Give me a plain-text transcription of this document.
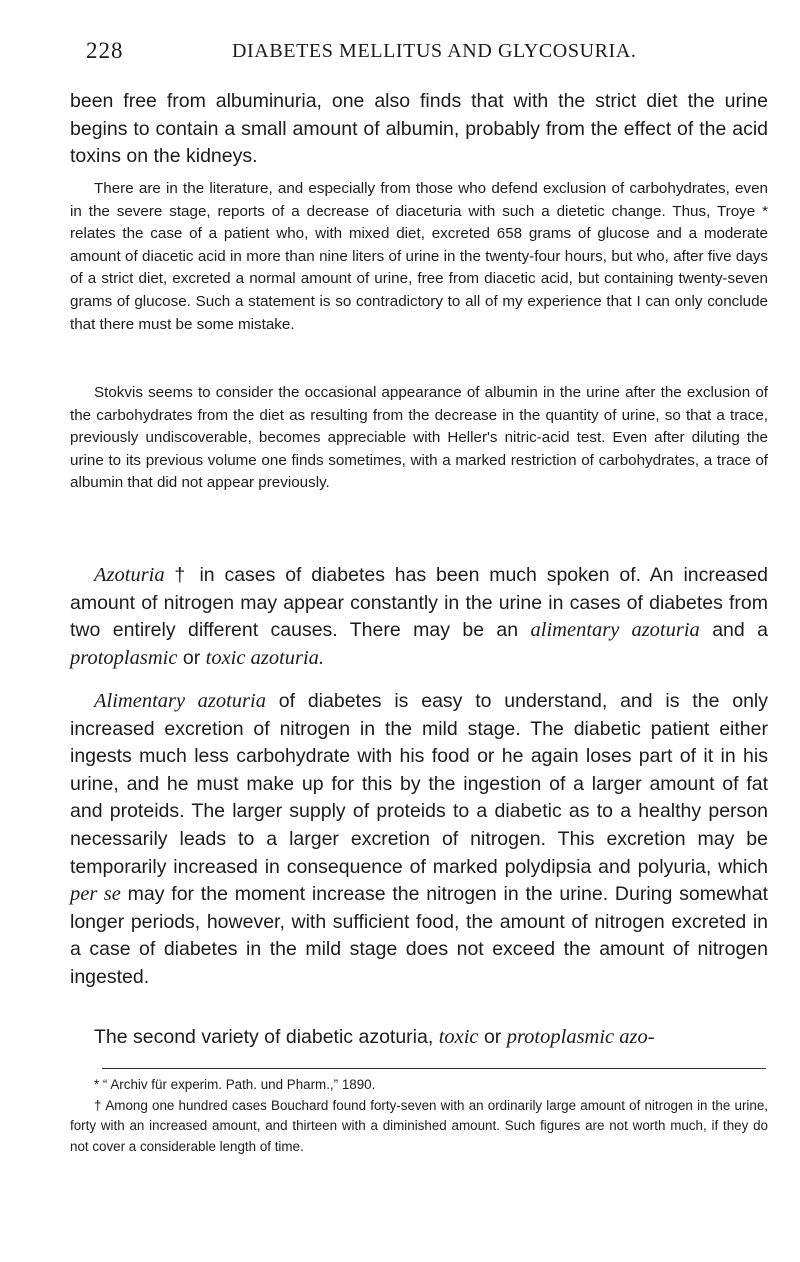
228	DIABETES MELLITUS AND GLYCOSURIA.

been free from albuminuria, one also finds that with the strict diet the urine begins to contain a small amount of albumin, probably from the effect of the acid toxins on the kidneys.

There are in the literature, and especially from those who defend exclusion of carbohydrates, even in the severe stage, reports of a decrease of diaceturia with such a dietetic change. Thus, Troye * relates the case of a patient who, with mixed diet, excreted 658 grams of glucose and a moderate amount of diacetic acid in more than nine liters of urine in the twenty-four hours, but who, after five days of a strict diet, excreted a normal amount of urine, free from diacetic acid, but containing twenty-seven grams of glucose. Such a statement is so contradictory to all of my experience that I can only conclude that there must be some mistake.

Stokvis seems to consider the occasional appearance of albumin in the urine after the exclusion of the carbohydrates from the diet as resulting from the decrease in the quantity of urine, so that a trace, previously undiscoverable, becomes appreciable with Heller's nitric-acid test. Even after diluting the urine to its previous volume one finds sometimes, with a marked restriction of carbohydrates, a trace of albumin that did not appear previously.

Azoturia † in cases of diabetes has been much spoken of. An increased amount of nitrogen may appear constantly in the urine in cases of diabetes from two entirely different causes. There may be an alimentary azoturia and a protoplasmic or toxic azoturia.

Alimentary azoturia of diabetes is easy to understand, and is the only increased excretion of nitrogen in the mild stage. The diabetic patient either ingests much less carbohydrate with his food or he again loses part of it in his urine, and he must make up for this by the ingestion of a larger amount of fat and proteids. The larger supply of proteids to a diabetic as to a healthy person necessarily leads to a larger excretion of nitrogen. This excretion may be temporarily increased in consequence of marked polydipsia and polyuria, which per se may for the moment increase the nitrogen in the urine. During somewhat longer periods, however, with sufficient food, the amount of nitrogen excreted in a case of diabetes in the mild stage does not exceed the amount of nitrogen ingested.

The second variety of diabetic azoturia, toxic or protoplasmic azo-

* “ Archiv für experim. Path. und Pharm.,” 1890.

† Among one hundred cases Bouchard found forty-seven with an ordinarily large amount of nitrogen in the urine, forty with an increased amount, and thirteen with a diminished amount. Such figures are not worth much, if they do not cover a considerable length of time.
